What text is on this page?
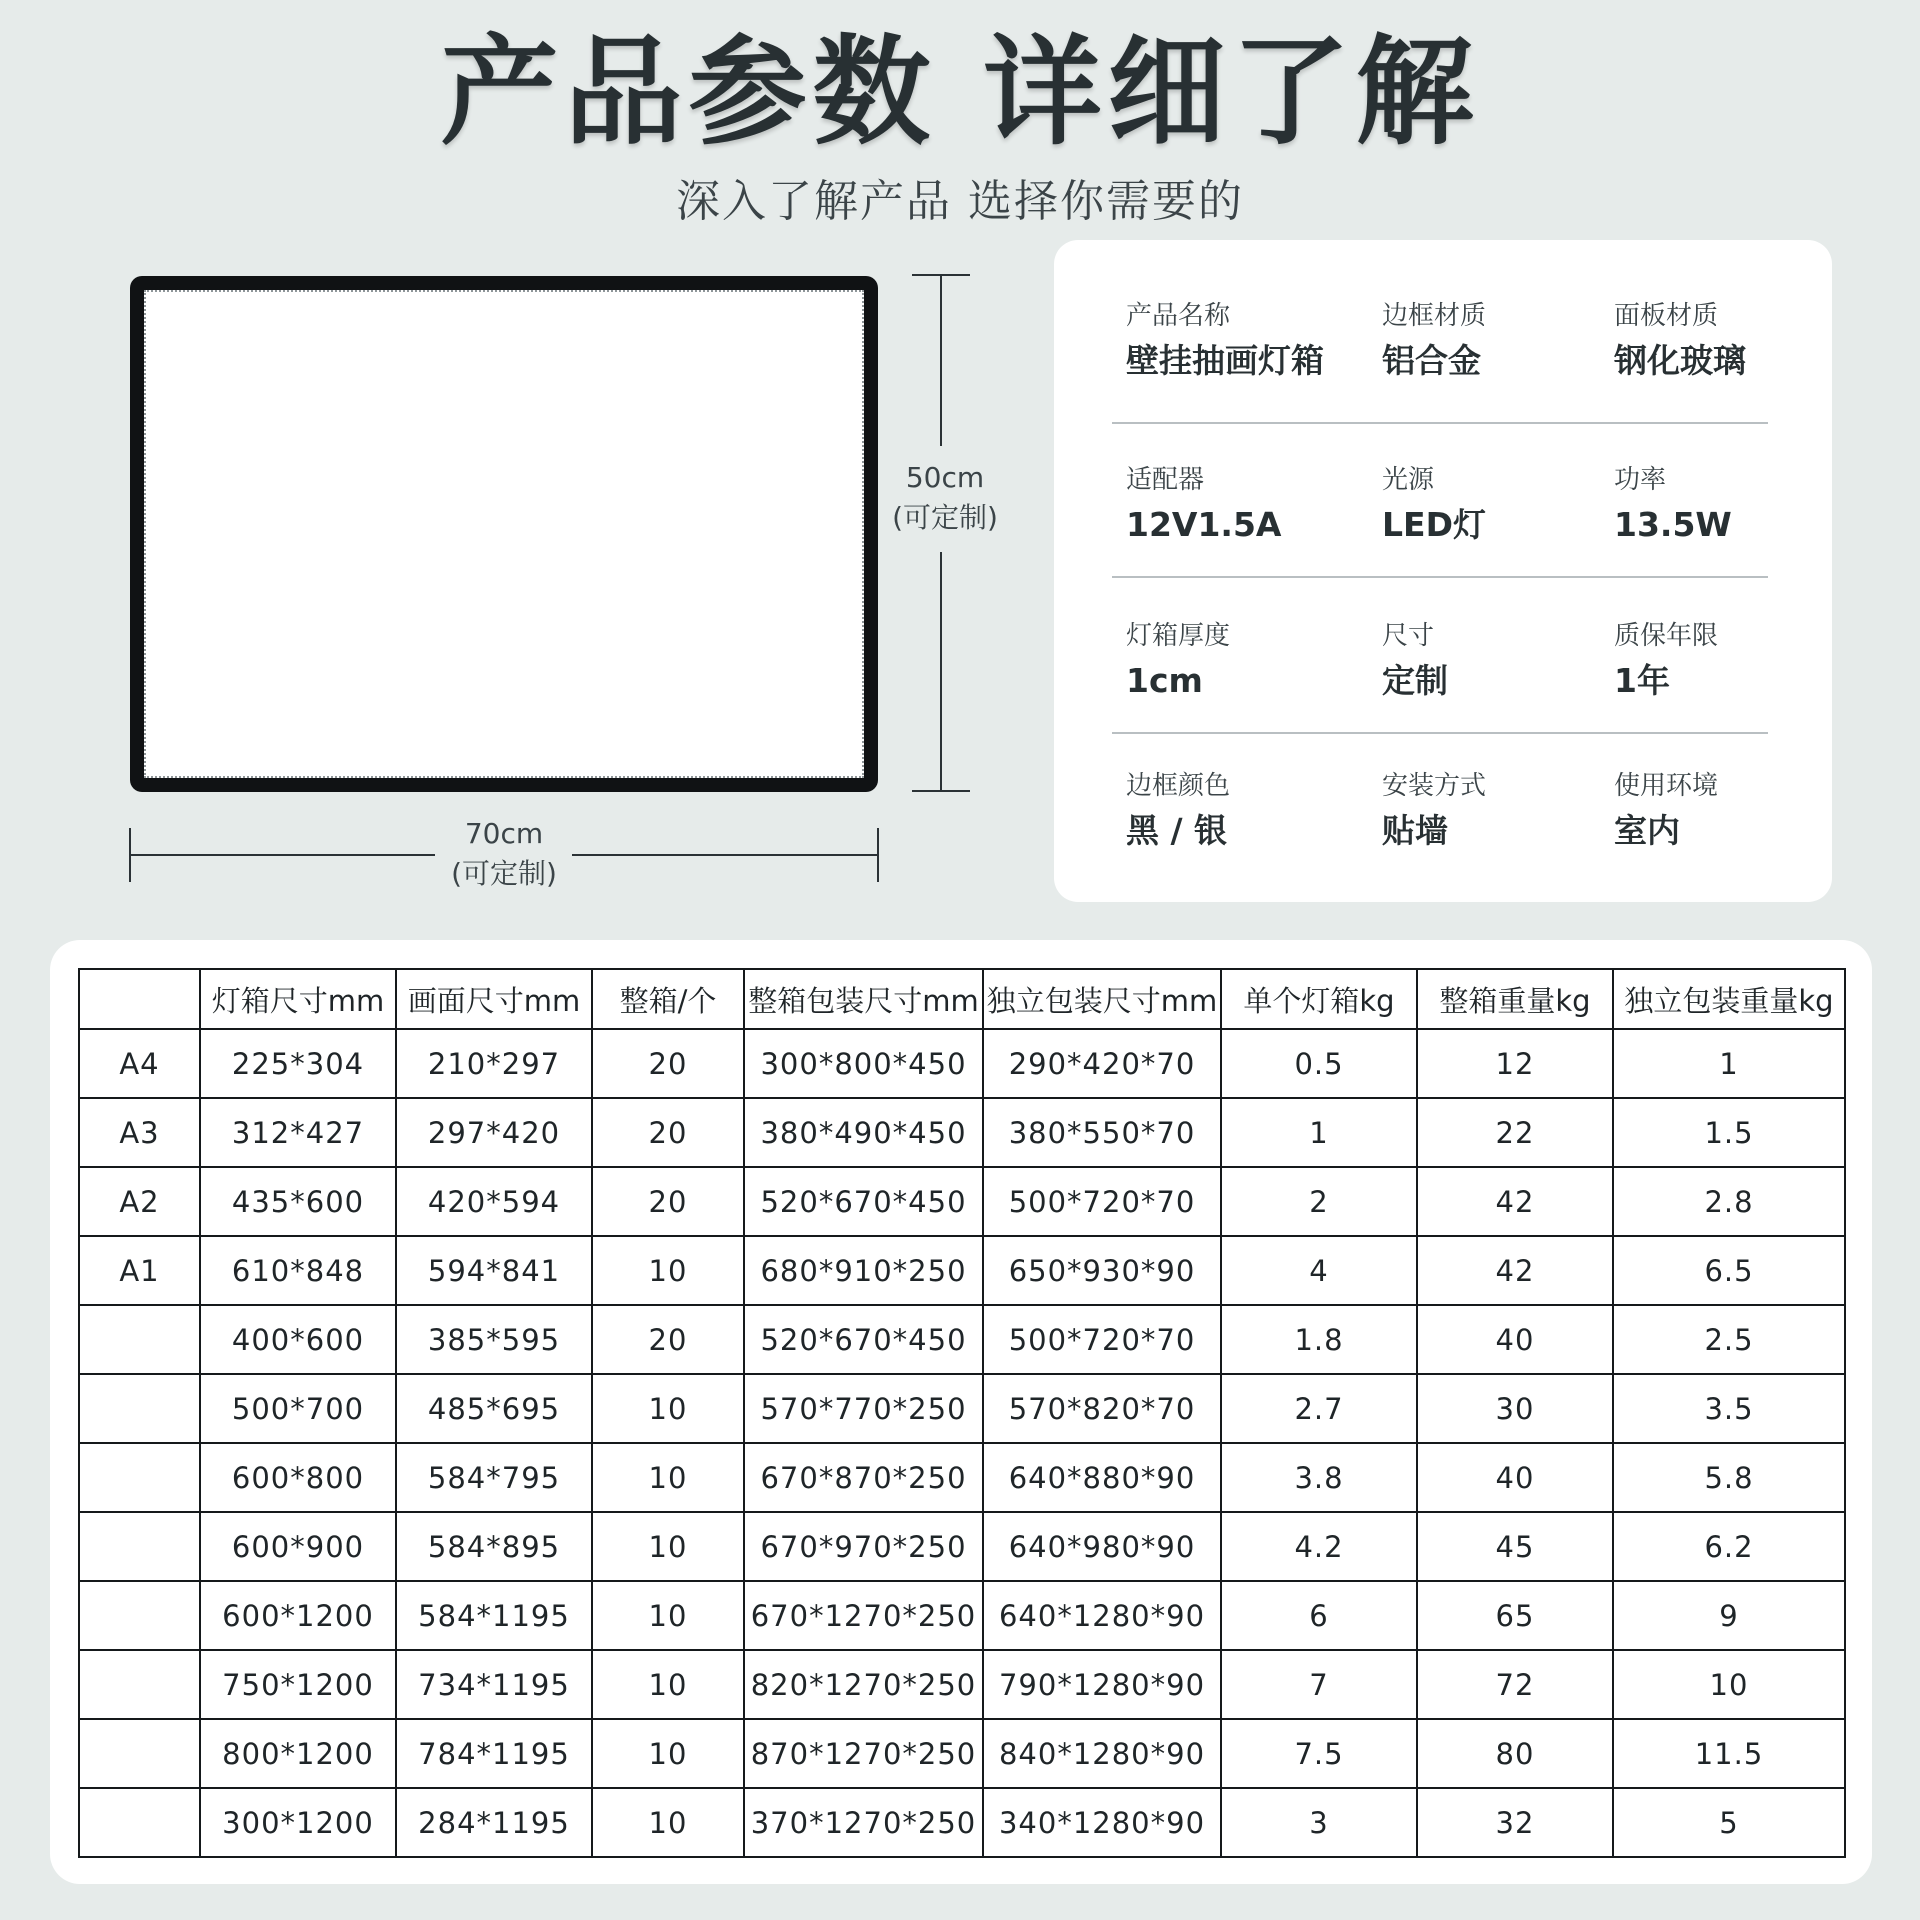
产品参数 详细了解
深入了解产品 选择你需要的
50cm
(可定制)
70cm
(可定制)
产品名称
壁挂抽画灯箱
边框材质
铝合金
面板材质
钢化玻璃
适配器
12V1.5A
光源
LED灯
功率
13.5W
灯箱厚度
1cm
尺寸
定制
质保年限
1年
边框颜色
黑 / 银
安装方式
贴墙
使用环境
室内
	灯箱尺寸mm	画面尺寸mm	整箱/个	整箱包装尺寸mm	独立包装尺寸mm	单个灯箱kg	整箱重量kg	独立包装重量kg
A4	225*304	210*297	20	300*800*450	290*420*70	0.5	12	1
A3	312*427	297*420	20	380*490*450	380*550*70	1	22	1.5
A2	435*600	420*594	20	520*670*450	500*720*70	2	42	2.8
A1	610*848	594*841	10	680*910*250	650*930*90	4	42	6.5
	400*600	385*595	20	520*670*450	500*720*70	1.8	40	2.5
	500*700	485*695	10	570*770*250	570*820*70	2.7	30	3.5
	600*800	584*795	10	670*870*250	640*880*90	3.8	40	5.8
	600*900	584*895	10	670*970*250	640*980*90	4.2	45	6.2
	600*1200	584*1195	10	670*1270*250	640*1280*90	6	65	9
	750*1200	734*1195	10	820*1270*250	790*1280*90	7	72	10
	800*1200	784*1195	10	870*1270*250	840*1280*90	7.5	80	11.5
	300*1200	284*1195	10	370*1270*250	340*1280*90	3	32	5
